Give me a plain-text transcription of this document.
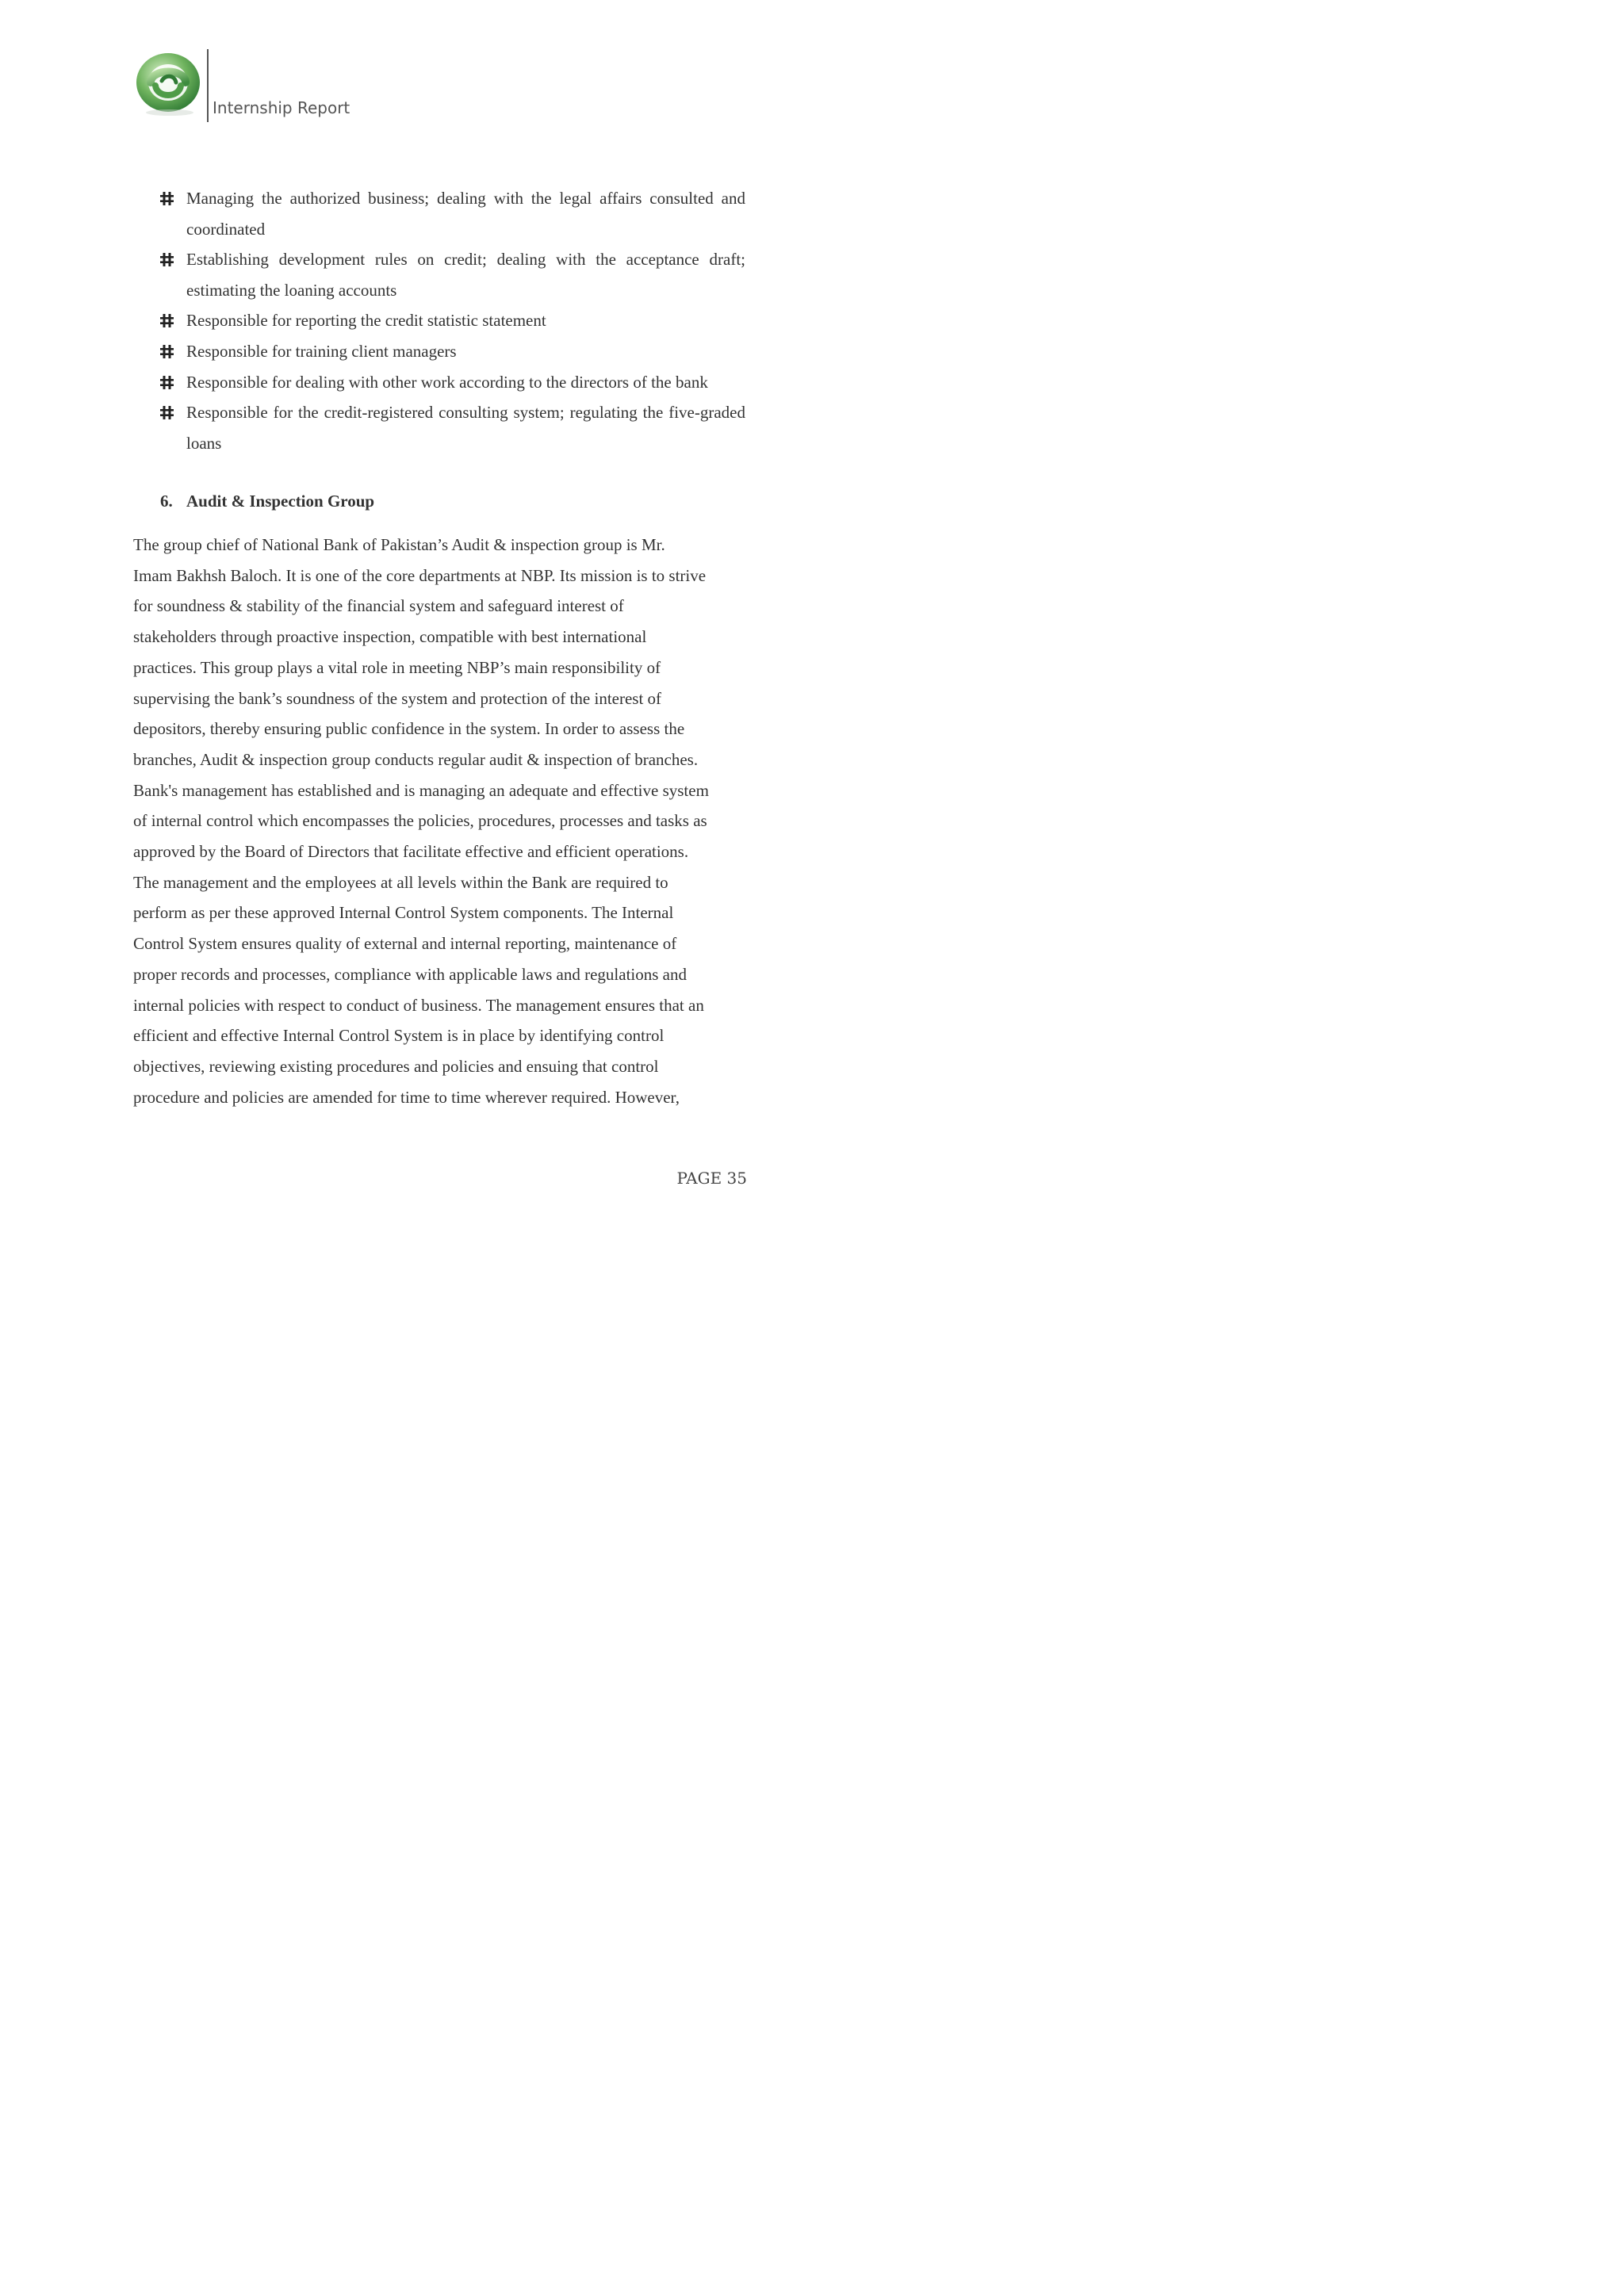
Internship Report
Managing the authorized business; dealing with the legal affairs consulted and coordinated
Establishing development rules on credit; dealing with the acceptance draft; estimating the loaning accounts
Responsible for reporting the credit statistic statement
Responsible for training client managers
Responsible for dealing with other work according to the directors of the bank
Responsible for the credit-registered consulting system; regulating the five-graded loans
6. Audit & Inspection Group
The group chief of National Bank of Pakistan’s Audit & inspection group is Mr.
Imam Bakhsh Baloch. It is one of the core departments at NBP. Its mission is to strive
for soundness & stability of the financial system and safeguard interest of
stakeholders through proactive inspection, compatible with best international
practices. This group plays a vital role in meeting NBP’s main responsibility of
supervising the bank’s soundness of the system and protection of the interest of
depositors, thereby ensuring public confidence in the system. In order to assess the
branches, Audit & inspection group conducts regular audit & inspection of branches.
Bank's management has established and is managing an adequate and effective system
of internal control which encompasses the policies, procedures, processes and tasks as
approved by the Board of Directors that facilitate effective and efficient operations.
The management and the employees at all levels within the Bank are required to
perform as per these approved Internal Control System components. The Internal
Control System ensures quality of external and internal reporting, maintenance of
proper records and processes, compliance with applicable laws and regulations and
internal policies with respect to conduct of business. The management ensures that an
efficient and effective Internal Control System is in place by identifying control
objectives, reviewing existing procedures and policies and ensuing that control
procedure and policies are amended for time to time wherever required. However,
PAGE 35
